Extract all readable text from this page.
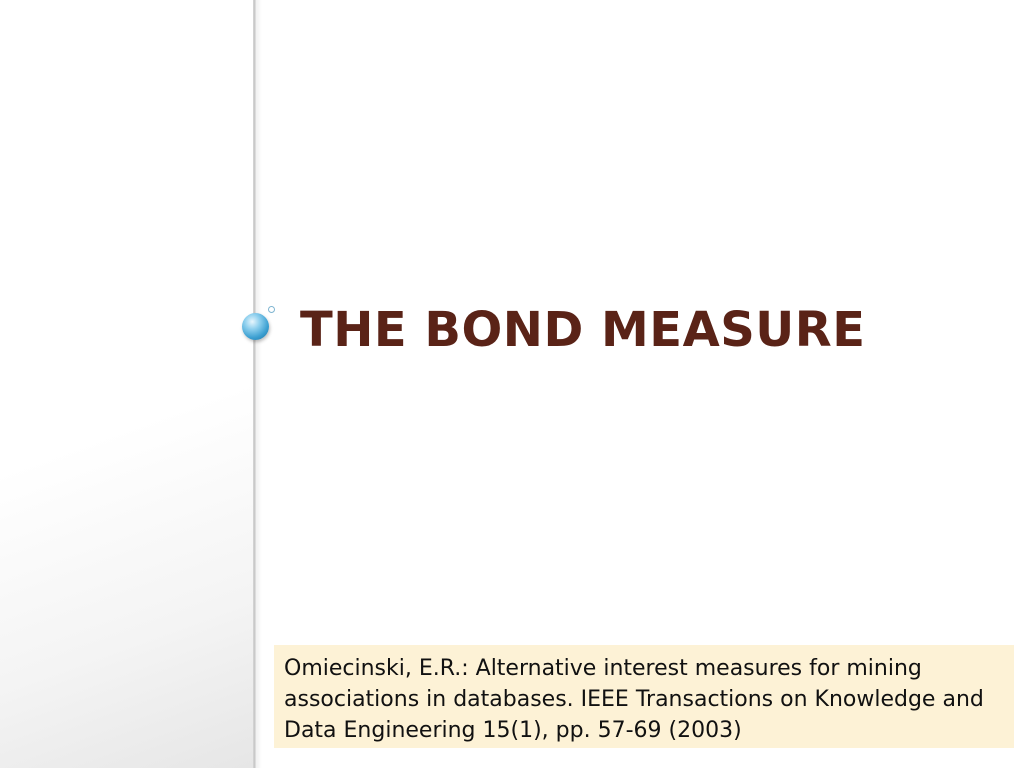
THE BOND MEASURE
Omiecinski, E.R.: Alternative interest measures for mining associations in databases. IEEE Transactions on Knowledge and Data Engineering 15(1), pp. 57-69 (2003)
